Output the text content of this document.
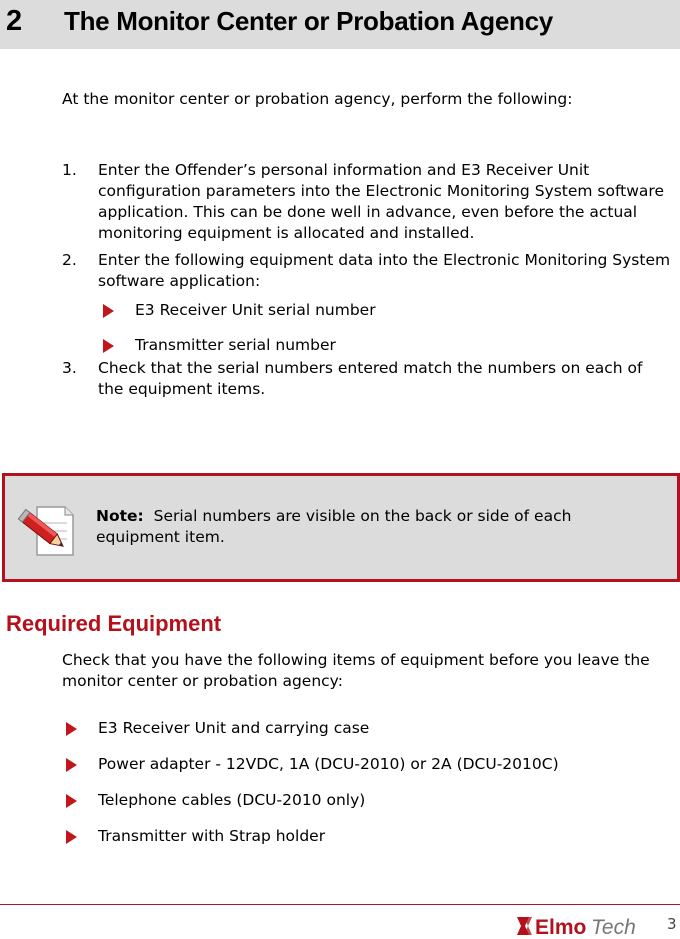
2 The Monitor Center or Probation Agency
At the monitor center or probation agency, perform the following:
1. Enter the Offender’s personal information and E3 Receiver Unit configuration parameters into the Electronic Monitoring System software application. This can be done well in advance, even before the actual monitoring equipment is allocated and installed.
2. Enter the following equipment data into the Electronic Monitoring System software application:
E3 Receiver Unit serial number
Transmitter serial number
3. Check that the serial numbers entered match the numbers on each of the equipment items.
Note: Serial numbers are visible on the back or side of each equipment item.
Required Equipment
Check that you have the following items of equipment before you leave the monitor center or probation agency:
E3 Receiver Unit and carrying case
Power adapter - 12VDC, 1A (DCU-2010) or 2A (DCU-2010C)
Telephone cables (DCU-2010 only)
Transmitter with Strap holder
Elmo Tech 3
